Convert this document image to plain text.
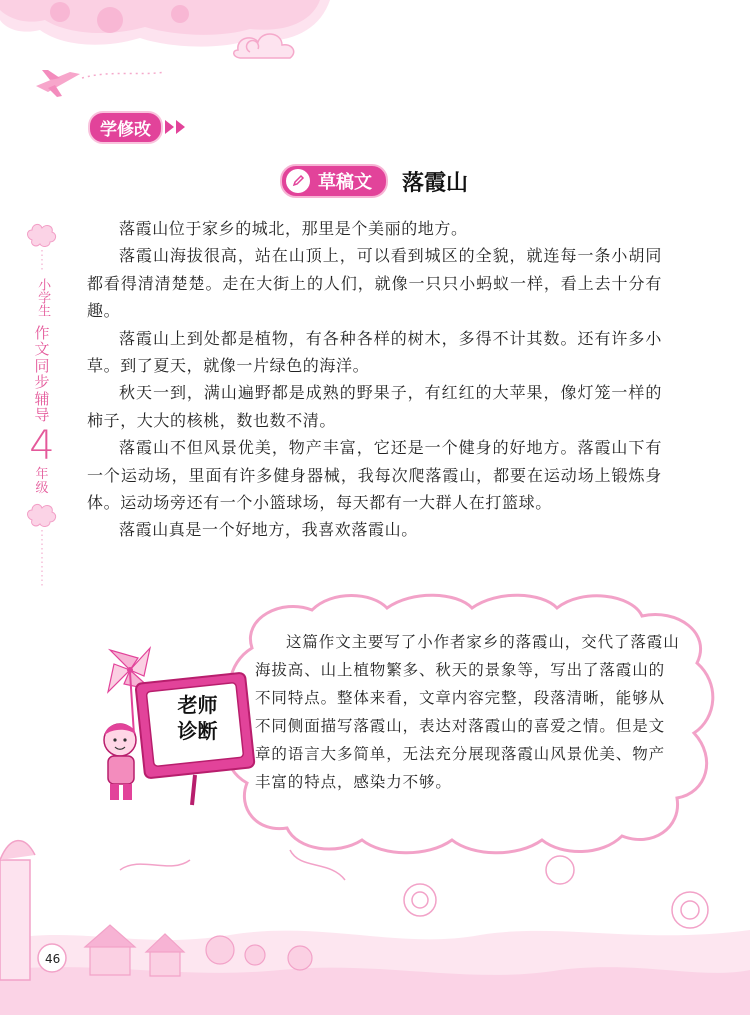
学修改
小学生
作
文
同
步
辅
导
4
年
级
草稿文 落霞山

落霞山位于家乡的城北，那里是个美丽的地方。

落霞山海拔很高，站在山顶上，可以看到城区的全貌，就连每一条小胡同都看得清清楚楚。走在大街上的人们，就像一只只小蚂蚁一样，看上去十分有趣。

落霞山上到处都是植物，有各种各样的树木，多得不计其数。还有许多小草。到了夏天，就像一片绿色的海洋。

秋天一到，满山遍野都是成熟的野果子，有红红的大苹果，像灯笼一样的柿子，大大的核桃，数也数不清。

落霞山不但风景优美，物产丰富，它还是一个健身的好地方。落霞山下有一个运动场，里面有许多健身器械，我每次爬落霞山，都要在运动场上锻炼身体。运动场旁还有一个小篮球场，每天都有一大群人在打篮球。

落霞山真是一个好地方，我喜欢落霞山。

这篇作文主要写了小作者家乡的落霞山，交代了落霞山海拔高、山上植物繁多、秋天的景象等，写出了落霞山的不同特点。整体来看，文章内容完整，段落清晰，能够从不同侧面描写落霞山，表达对落霞山的喜爱之情。但是文章的语言大多简单，无法充分展现落霞山风景优美、物产丰富的特点，感染力不够。

老师
诊断
46
